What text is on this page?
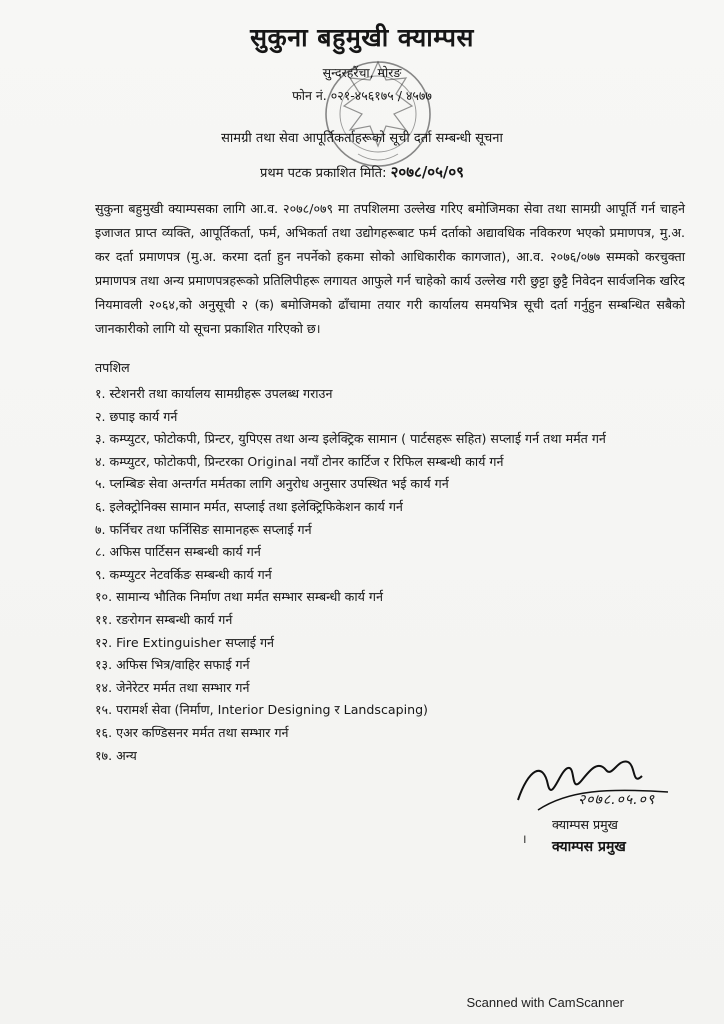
सुकुना बहुमुखी क्याम्पस
सुन्दरहरैंचा, मोरङ
फोन नं. ०२१-४५६१७५ / ४५७७
सामग्री तथा सेवा आपूर्तिकर्ताहरूको सूची दर्ता सम्बन्धी सूचना
प्रथम पटक प्रकाशित मिति: २०७८/०५/०९
सुकुना बहुमुखी क्याम्पसका लागि आ.व. २०७८/०७९ मा तपशिलमा उल्लेख गरिए बमोजिमका सेवा तथा सामग्री आपूर्ति गर्न चाहने इजाजत प्राप्त व्यक्ति, आपूर्तिकर्ता, फर्म, अभिकर्ता तथा उद्योगहरूबाट फर्म दर्ताको अद्यावधिक नविकरण भएको प्रमाणपत्र, मु.अ. कर दर्ता प्रमाणपत्र (मु.अ. करमा दर्ता हुन नपर्नेको हकमा सोको आधिकारीक कागजात), आ.व. २०७६/०७७ सम्मको करचुक्ता प्रमाणपत्र तथा अन्य प्रमाणपत्रहरूको प्रतिलिपीहरू लगायत आफुले गर्न चाहेको कार्य उल्लेख गरी छुट्टा छुट्टै निवेदन सार्वजनिक खरिद नियमावली २०६४,को अनुसूची २ (क) बमोजिमको ढाँचामा तयार गरी कार्यालय समयभित्र सूची दर्ता गर्नुहुन सम्बन्धित सबैको जानकारीको लागि यो सूचना प्रकाशित गरिएको छ।
तपशिल
१. स्टेशनरी तथा कार्यालय सामग्रीहरू उपलब्ध गराउन
२. छपाइ कार्य गर्न
३. कम्प्युटर, फोटोकपी, प्रिन्टर, युपिएस तथा अन्य इलेक्ट्रिक सामान ( पार्टसहरू सहित) सप्लाई गर्न तथा मर्मत गर्न
४. कम्प्युटर, फोटोकपी, प्रिन्टरका Original नयाँ टोनर कार्टिज र रिफिल सम्बन्धी कार्य गर्न
५. प्लम्बिङ सेवा अन्तर्गत मर्मतका लागि अनुरोध अनुसार उपस्थित भई कार्य गर्न
६. इलेक्ट्रोनिक्स सामान मर्मत, सप्लाई तथा इलेक्ट्रिफिकेशन कार्य गर्न
७. फर्निचर तथा फर्निसिङ सामानहरू सप्लाई गर्न
८. अफिस पार्टिसन सम्बन्धी कार्य गर्न
९. कम्प्युटर नेटवर्किङ सम्बन्धी कार्य गर्न
१०. सामान्य भौतिक निर्माण तथा मर्मत सम्भार सम्बन्धी कार्य गर्न
११. रङरोगन सम्बन्धी कार्य गर्न
१२. Fire Extinguisher सप्लाई गर्न
१३. अफिस भित्र/वाहिर सफाई गर्न
१४. जेनेरेटर मर्मत तथा सम्भार गर्न
१५. परामर्श सेवा (निर्माण, Interior Designing र Landscaping)
१६. एअर कण्डिसनर मर्मत तथा सम्भार गर्न
१७. अन्य
२०७८.०५.०९
।
क्याम्पस प्रमुख
क्याम्पस प्रमुख
Scanned with CamScanner
